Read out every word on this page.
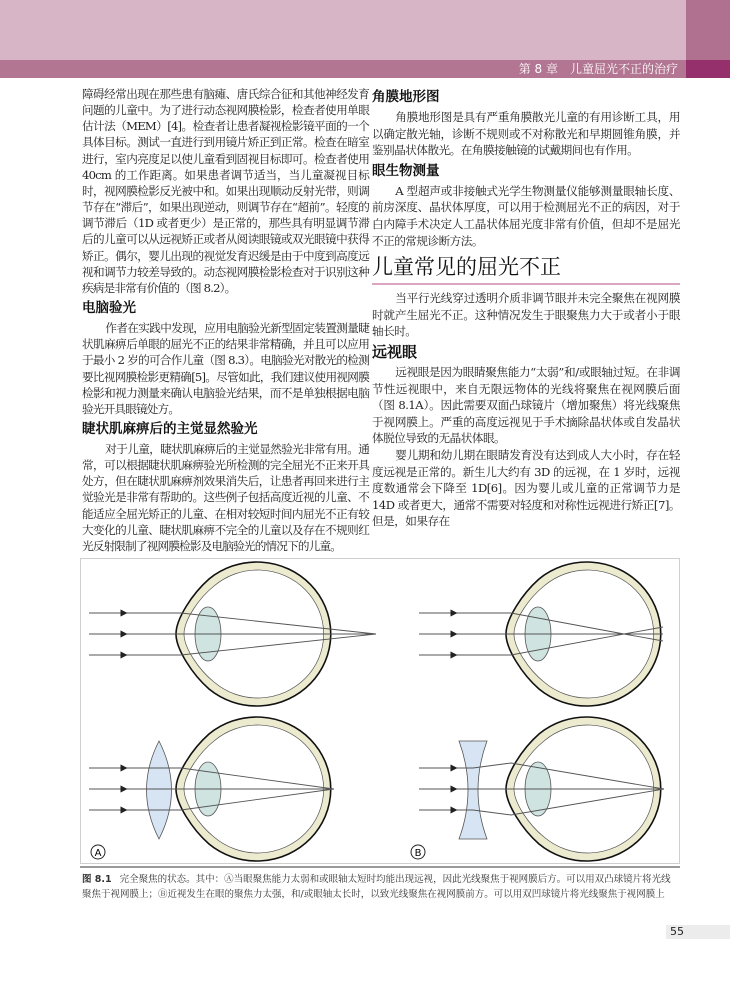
第 8 章　儿童屈光不正的治疗

障碍经常出现在那些患有脑瘫、唐氏综合征和其他神经发育问题的儿童中。为了进行动态视网膜检影，检查者使用单眼估计法（MEM）[4]。检查者让患者凝视检影镜平面的一个具体目标。测试一直进行到用镜片矫正到正常。检查在暗室进行，室内亮度足以使儿童看到固视目标即可。检查者使用 40cm 的工作距离。如果患者调节适当，当儿童凝视目标时，视网膜检影反光被中和。如果出现顺动反射光带，则调节存在“滞后”，如果出现逆动，则调节存在“超前”。轻度的调节滞后（1D 或者更少）是正常的，那些具有明显调节滞后的儿童可以从远视矫正或者从阅读眼镜或双光眼镜中获得矫正。偶尔，婴儿出现的视觉发育迟缓是由于中度到高度远视和调节力较差导致的。动态视网膜检影检查对于识别这种疾病是非常有价值的（图 8.2）。

电脑验光

作者在实践中发现，应用电脑验光新型固定装置测量睫状肌麻痹后单眼的屈光不正的结果非常精确，并且可以应用于最小 2 岁的可合作儿童（图 8.3）。电脑验光对散光的检测要比视网膜检影更精确[5]。尽管如此，我们建议使用视网膜检影和视力测量来确认电脑验光结果，而不是单独根据电脑验光开具眼镜处方。

睫状肌麻痹后的主觉显然验光

对于儿童，睫状肌麻痹后的主觉显然验光非常有用。通常，可以根据睫状肌麻痹验光所检测的完全屈光不正来开具处方，但在睫状肌麻痹剂效果消失后，让患者再回来进行主觉验光是非常有帮助的。这些例子包括高度近视的儿童、不能适应全屈光矫正的儿童、在相对较短时间内屈光不正有较大变化的儿童、睫状肌麻痹不完全的儿童以及存在不规则红光反射限制了视网膜检影及电脑验光的情况下的儿童。

角膜地形图

角膜地形图是具有严重角膜散光儿童的有用诊断工具，用以确定散光轴，诊断不规则或不对称散光和早期圆锥角膜，并鉴别晶状体散光。在角膜接触镜的试戴期间也有作用。

眼生物测量

A 型超声或非接触式光学生物测量仪能够测量眼轴长度、前房深度、晶状体厚度，可以用于检测屈光不正的病因，对于白内障手术决定人工晶状体屈光度非常有价值，但却不是屈光不正的常规诊断方法。

儿童常见的屈光不正

当平行光线穿过透明介质非调节眼并未完全聚焦在视网膜时就产生屈光不正。这种情况发生于眼聚焦力大于或者小于眼轴长时。

远视眼

远视眼是因为眼睛聚焦能力“太弱”和/或眼轴过短。在非调节性远视眼中，来自无限远物体的光线将聚焦在视网膜后面（图 8.1A）。因此需要双面凸球镜片（增加聚焦）将光线聚焦于视网膜上。严重的高度远视见于手术摘除晶状体或自发晶状体脱位导致的无晶状体眼。

婴儿期和幼儿期在眼睛发育没有达到成人大小时，存在轻度远视是正常的。新生儿大约有 3D 的远视，在 1 岁时，远视度数通常会下降至 1D[6]。因为婴儿或儿童的正常调节力是 14D 或者更大，通常不需要对轻度和对称性远视进行矫正[7]。但是，如果存在

A	B
图 8.1 完全聚焦的状态。其中：Ⓐ当眼聚焦能力太弱和或眼轴太短时均能出现远视，因此光线聚焦于视网膜后方。可以用双凸球镜片将光线聚焦于视网膜上；Ⓑ近视发生在眼的聚焦力太强，和/或眼轴太长时，以致光线聚焦在视网膜前方。可以用双凹球镜片将光线聚焦于视网膜上
55
